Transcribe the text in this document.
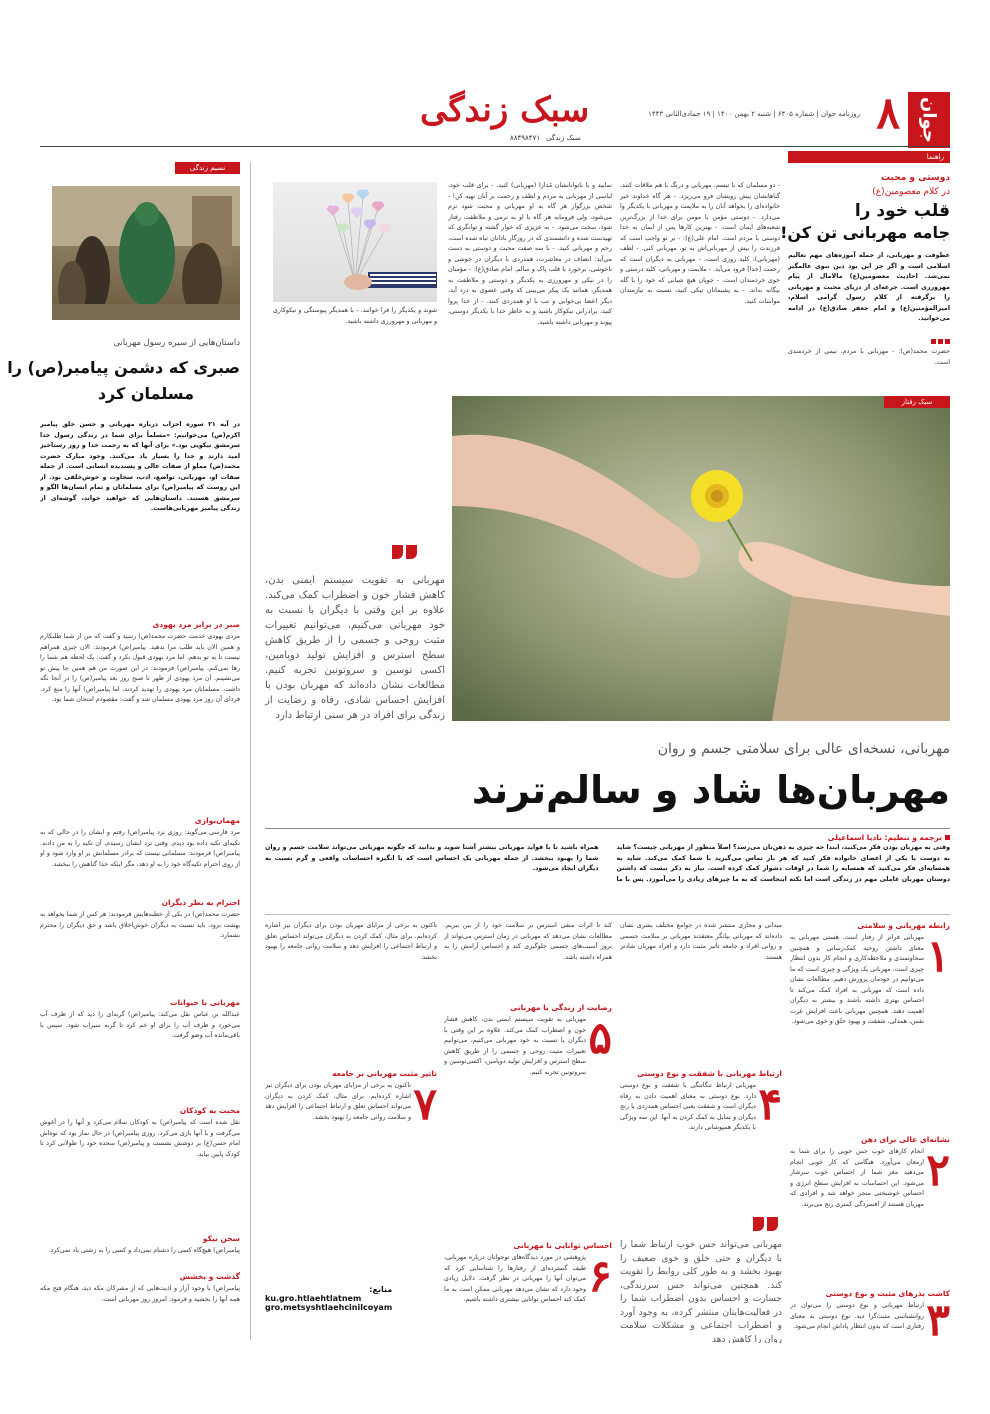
جوان
۸
روزنامه جوان | شماره ۶۴۰۵ | شنبه ۲ بهمن ۱۴۰۰ | ۱۹ جمادی‌الثانی ۱۴۴۳
سبک زندگی
سبک زندگی
۸۸۴۹۸۴۷۱
راهنما
دوستی و محبت
در کلام معصومین(ع)
قلب خود را
جامه مهربانی تن کن!
عطوفت و مهربانی، از جمله آموزه‌های مهم تعالیم اسلامی است و اگر جز این بود دین نبوی عالمگیر نمی‌شد. احادیث معصومین(ع) مالامال از پیام مهرورزی است. جرعه‌ای از دریای محبت و مهربانی را برگرفته از کلام رسول گرامی اسلام، امیرالمؤمنین(ع) و امام جعفر صادق(ع) در ادامه می‌خوانید.
حضرت محمد(ص): - مهربانی با مردم، نیمی از خردمندی است.
- دو مسلمان که با تبسم، مهربانی و درنگ با هم ملاقات کنند، گناهانشان پیش رویشان فرو می‌ریزد. - هر گاه خداوند خیر خانواده‌ای را بخواهد آنان را به ملایمت و مهربانی با یکدیگر وا می‌دارد. - دوستی مؤمن با مومن برای خدا از بزرگ‌ترین شعبه‌های ایمان است. - بهترین کارها پس از ایمان به خدا دوستی با مردم است. امام علی(ع): - بر تو واجب است که فرزندت را بیش از مهربانی‌اش به تو، مهربانی کنی. - لطف (مهربانی)، کلید روزی است. - مهربانی به دیگران است که رحمت [خدا] فرود می‌آید. - ملایمت و مهربانی، کلید درستی و خوی خردمندان است. - چوپان هیچ شبانی که خود را با گله بیگانه نداند. - به پشیمانان نیکی کنید، نسبت به نیازمندان مواسات کنید.
نمایید و با ناتوانانشان مُدارا (مهربانی) کنید. - برای قلب خود، لباسی از مهربانی به مردم و لطف و رحمت بر آنان تهیه کن! - شخص بزرگوار هر گاه به او مهربانی و محبت شود نرم می‌شود، ولی فرومایه هر گاه با او به نرمی و ملاطفت رفتار شود، سخت می‌شود. - به عزیزی که خوار گشته و توانگری که تهیدست شده و دانشمندی که در روزگار نادانان تباه شده است، رحم و مهربانی کنید. - با سه صفت محبت و دوستی به دست می‌آید: انصاف در معاشرت، همدردی با دیگران در خوشی و ناخوشی، برخورد با قلب پاک و سالم. امام صادق(ع): - مؤمنان را در نیکی و مهرورزی به یکدیگر و دوستی و ملاطفت به همدیگر، همانند یک پیکر می‌بینی که وقتی عضوی به درد آید، دیگر اعضا بی‌خوابی و تب با او همدردی کنند. - از خدا پروا کنید، برادرانی نیکوکار باشید و به خاطر خدا با یکدیگر دوستی، پیوند و مهربانی داشته باشید.
شوند و یکدیگر را فرا خوانند. - با همدیگر پیوستگی و نیکوکاری و مهربانی و مهرورزی داشته باشید.
نسیم زندگی
داستان‌هایی از سیره رسول مهربانی
صبری که دشمن پیامبر(ص) را
مسلمان کرد
در آیه ۲۱ سوره احزاب درباره مهربانی و حسن خلق پیامبر اکرم(ص) می‌خوانیم: «مسلماً برای شما در زندگی رسول خدا سرمشق نیکویی بود.» برای آنها که به رحمت خدا و روز رستاخیز امید دارند و خدا را بسیار یاد می‌کنند. وجود مبارک حضرت محمد(ص) مملو از صفات عالی و پسندیده انسانی است. از جمله صفات او، مهربانی، تواضع، ادب، سخاوت و خوش‌خلقی بود. از این روست که پیامبر(ص) برای مسلمانان و تمام انسان‌ها الگو و سرمشق هستند. داستان‌هایی که خواهید خواند، گوشه‌ای از زندگی پیامبر مهربانی‌هاست.
صبر در برابر مرد یهودی
مردی یهودی خدمت حضرت محمد(ص) رسید و گفت که من از شما طلبکارم و همین الان باید طلب مرا بدهید. پیامبر(ص) فرمودند: الان چیزی همراهم نیست تا به تو بدهم. اما مرد یهودی قبول نکرد و گفت: یک لحظه هم شما را رها نمی‌کنم. پیامبر(ص) فرمودند: در این صورت من هم همین جا پیش تو می‌نشینم. آن مرد یهودی از ظهر تا صبح روز بعد پیامبر(ص) را در آنجا نگه داشت. مسلمانان مرد یهودی را تهدید کردند، اما پیامبر(ص) آنها را منع کرد. فردای آن روز مرد یهودی مسلمان شد و گفت: مقصودم امتحان شما بود.
مهمان‌نوازی
مرد فارسی می‌گوید: روزی نزد پیامبر(ص) رفتم و ایشان را در حالی که به تکیه‌ای تکیه داده بود دیدم. وقتی نزد ایشان رسیدم، آن تکیه را به من دادند. پیامبر(ص) فرمودند: مسلمانی نیست که برادر مسلمانش بر او وارد شود و او از روی احترام تکیه‌گاه خود را به او دهد، مگر اینکه خدا گناهش را ببخشد.
احترام به نظر دیگران
حضرت محمد(ص) در یکی از خطبه‌هایش فرمودند: هر کس از شما بخواهد به بهشت برود، باید نسبت به دیگران خوش‌اخلاق باشد و حق دیگران را محترم بشمارد.
مهربانی با حیوانات
عبدالله بن عباس نقل می‌کند: پیامبر(ص) گربه‌ای را دید که از ظرف آب می‌خورد و ظرف آب را برای او خم کرد تا گربه سیراب شود. سپس با باقی‌مانده آب وضو گرفت.
محبت به کودکان
نقل شده است که پیامبر(ص) به کودکان سلام می‌کرد و آنها را در آغوش می‌گرفت و با آنها بازی می‌کرد. روزی پیامبر(ص) در حال نماز بود که نوه‌اش امام حسن(ع) بر دوشش نشست و پیامبر(ص) سجده خود را طولانی کرد تا کودک پایین بیاید.
سخن نیکو
پیامبر(ص) هیچ‌گاه کسی را دشنام نمی‌داد و کسی را به زشتی یاد نمی‌کرد.
گذشت و بخشش
پیامبر(ص) با وجود آزار و اذیت‌هایی که از مشرکان مکه دید، هنگام فتح مکه همه آنها را بخشید و فرمود: امروز روز مهربانی است.
سبک رفتار
مهربانی به تقویت سیستم ایمنی بدن، کاهش فشار خون و اضطراب کمک می‌کند. علاوه بر این وقتی با دیگران با نسبت به خود مهربانی می‌کنیم، می‌توانیم تغییرات مثبت روحی و جسمی را از طریق کاهش سطح استرس و افزایش تولید دوپامین، اکسی توسین و سروتونین تجربه کنیم. مطالعات نشان داده‌اند که مهربان بودن با افزایش احساس شادی، رفاه و رضایت از زندگی برای افراد در هر سنی ارتباط دارد
مهربانی، نسخه‌ای عالی برای سلامتی جسم و روان
مهربان‌ها شاد و سالم‌ترند
ترجمه و تنظیم: نادیا اسماعیلی
وقتی به مهربان بودن فکر می‌کنید، ابتدا حه چیزی به ذهن‌تان می‌رسد؟ اصلاً منظور از مهربانی چیست؟ شاید به دوست یا یکی از اعضای خانواده فکر کنید که هر بار تماس می‌گیرید با شما کمک می‌کند. شاید به همسایه‌ای فکر می‌کنید که همسایه را شما در اوقات دشوار کمک کرده است. نیاز به ذکر نیست که داشتن دوستان مهربان عاملی مهم در زندگی است اما نکته اینجاست که به ما چیزهای زیادی را می‌آموزد. پس با ما همراه باشید تا با فواید مهربانی بیشتر آشنا شوید و بدانید که چگونه مهربانی می‌تواند سلامت جسم و روان شما را بهبود ببخشد. از جمله مهربانی یک احساس است که با انگیزه احساسات واقعی و گرم نسبت به دیگران ایجاد می‌شود.
رابطه مهربانی و سلامتی
۱
مهربانی فراتر از رفتار است. هستی مهربانی به معنای داشتن روحیه کمک‌رسانی و همچنین سخاوتمندی و ملاحظه‌کاری و انجام کار بدون انتظار چیزی است. مهربانی یک ویژگی و چیزی است که ما می‌توانیم در خودمان پرورش دهیم. مطالعات نشان داده است که مهربانی به افراد کمک می‌کند تا احساس بهتری داشته باشند و بیشتر به دیگران اهمیت دهند. همچنین مهربانی باعث افزایش عزت نفس، همدلی، شفقت و بهبود خلق و خوی می‌شود.
نشانه‌ای عالی برای ذهن
۲
انجام کارهای خوب حس خوبی را برای شما به ارمغان می‌آورد. هنگامی که کار خوبی انجام می‌دهید مغز شما از احساس خوب سرشار می‌شود. این احساسات به افزایش سطح انرژی و احساس خوشبختی منجر خواهد شد و افرادی که مهربان هستند از افسردگی کمتری رنج می‌برند.
کاشت بذرهای مثبت و نوع دوستی
۳
ارتباط مهربانی و نوع دوستی را می‌توان در روانشناسی مثبت‌گرا دید. نوع دوستی به معنای رفتاری است که بدون انتظار پاداش انجام می‌شود.
میدانی و مجازی منتشر شده در جوامع مختلف بشری نشان داده‌اند که مهربانی بیانگر معتقدند مهربانی بر سلامت جسمی و روانی افراد و جامعه تأثیر مثبت دارد و افراد مهربان شادتر هستند.
ارتباط مهربانی با شفقت و نوع دوستی
۴
مهربانی ارتباط تنگاتنگی با شفقت و نوع دوستی دارد. نوع دوستی به معنای اهمیت دادن به رفاه دیگران است و شفقت یعنی احساس همدردی با رنج دیگران و تمایل به کمک کردن به آنها. این سه ویژگی با یکدیگر همپوشانی دارند.
مهربانی می‌تواند حس خوب ارتباط شما را با دیگران و حتی خلق و خوی ضعیف را بهبود بخشد و به طور کلی روابط را تقویت کند. همچنین می‌تواند حس سرزندگی، جسارت و احساس بدون اضطراب شما را در فعالیت‌هایتان منتشر کرده، به وجود آورد و اضطراب اجتماعی و مشکلات سلامت روان را کاهش دهد
کند تا اثرات منفی استرس بر سلامت خود را از بین ببریم. مطالعات نشان می‌دهد که مهربانی در زمان استرس می‌تواند از بروز آسیب‌های جسمی جلوگیری کند و احساس آرامش را به همراه داشته باشد.
رضایت از زندگی با مهربانی
۵
مهربانی به تقویت سیستم ایمنی بدن، کاهش فشار خون و اضطراب کمک می‌کند. علاوه بر این وقتی با دیگران یا نسبت به خود مهربانی می‌کنیم، می‌توانیم تغییرات مثبت روحی و جسمی را از طریق کاهش سطح استرس و افزایش تولید دوپامین، اکسی‌توسین و سروتونین تجربه کنیم.
احساس توانایی با مهربانی
۶
پژوهشی در مورد دیدگاه‌های نوجوانان درباره مهربانی، طیف گسترده‌ای از رفتارها را شناسایی کرد که می‌توان آنها را مهربانی در نظر گرفت. دلایل زیادی وجود دارد که نشان می‌دهد مهربانی ممکن است به ما کمک کند احساس توانایی بیشتری داشته باشیم.
تاکنون به برخی از مزایای مهربان بودن برای دیگران نیز اشاره کرده‌ایم. برای مثال، کمک کردن به دیگران می‌تواند احساس تعلق و ارتباط اجتماعی را افزایش دهد و سلامت روانی جامعه را بهبود بخشد.
تاثیر مثبت مهربانی بر جامعه
۷
تاکنون به برخی از مزایای مهربان بودن برای دیگران نیز اشاره کرده‌ایم. برای مثال، کمک کردن به دیگران می‌تواند احساس تعلق و ارتباط اجتماعی را افزایش دهد و سلامت روانی جامعه را بهبود بخشد.
منابع:
ku.gro.htlaehtlatnem
gro.metsyshtlaehcinilcoyam
